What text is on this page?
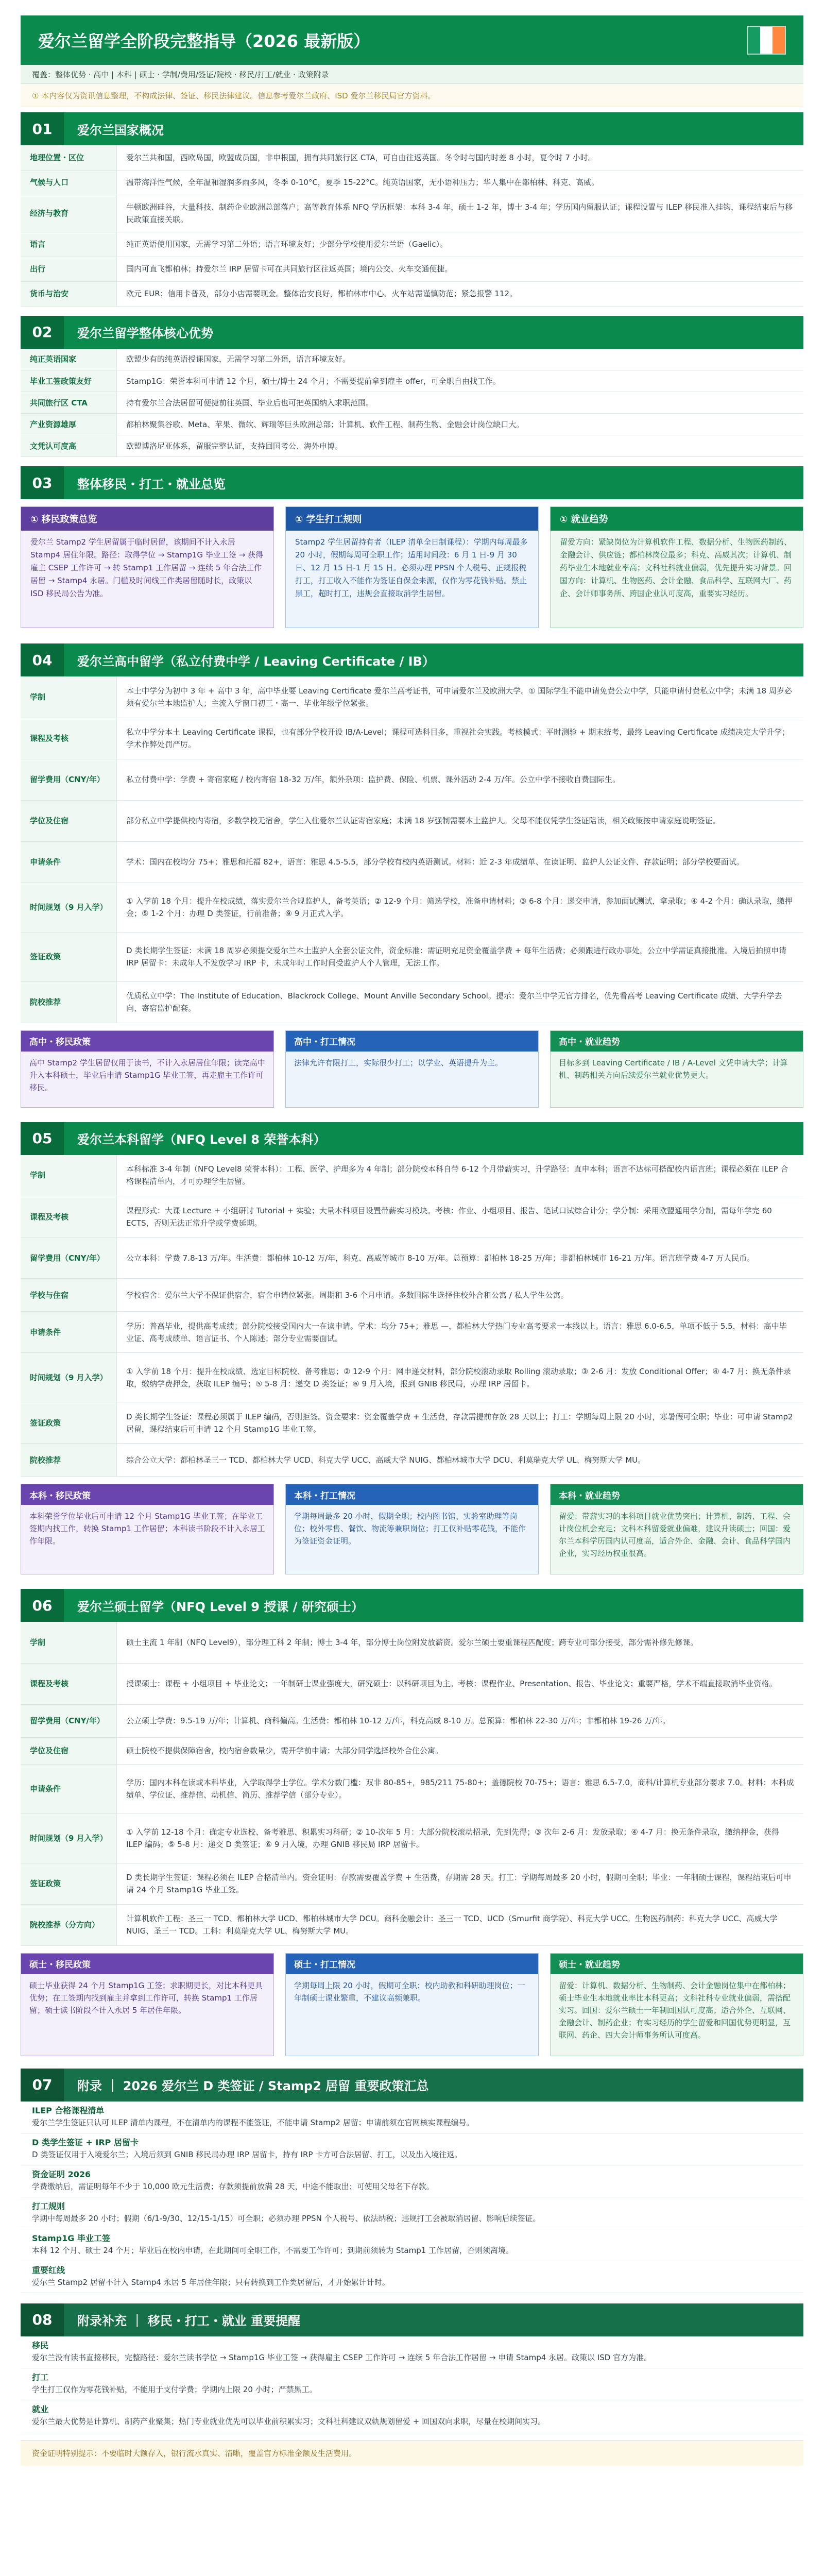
爱尔兰留学全阶段完整指导（2026 最新版）
覆盖：整体优势 · 高中 | 本科 | 硕士 · 学制/费用/签证/院校 · 移民/打工/就业 · 政策附录
① 本内容仅为资讯信息整理，不构成法律、签证、移民法律建议。信息参考爱尔兰政府、ISD 爱尔兰移民局官方资料。
01	爱尔兰国家概况
地理位置・区位	爱尔兰共和国，西欧岛国，欧盟成员国，非申根国，拥有共同旅行区 CTA，可自由往返英国。冬令时与国内时差 8 小时，夏令时 7 小时。
气候与人口	温带海洋性气候，全年温和湿润多雨多风，冬季 0-10°C，夏季 15-22°C。纯英语国家，无小语种压力；华人集中在都柏林、科克、高威。
经济与教育	牛顿欧洲硅谷，大量科技、制药企业欧洲总部落户；高等教育体系 NFQ 学历框架：本科 3-4 年，硕士 1-2 年，博士 3-4 年；学历国内留服认证；课程设置与 ILEP 移民准入挂钩，课程结束后与移民政策直接关联。
语言	纯正英语使用国家，无需学习第二外语；语言环境友好；少部分学校使用爱尔兰语（Gaelic）。
出行	国内可直飞都柏林；持爱尔兰 IRP 居留卡可在共同旅行区往返英国；境内公交、火车交通便捷。
货币与治安	欧元 EUR；信用卡普及，部分小店需要现金。整体治安良好，都柏林市中心、火车站需谨慎防范；紧急报警 112。
02	爱尔兰留学整体核心优势
纯正英语国家	欧盟少有的纯英语授课国家，无需学习第二外语，语言环境友好。
毕业工签政策友好	Stamp1G：荣誉本科可申请 12 个月，硕士/博士 24 个月；不需要提前拿到雇主 offer，可全职自由找工作。
共同旅行区 CTA	持有爱尔兰合法居留可便捷前往英国、毕业后也可把英国纳入求职范围。
产业资源雄厚	都柏林聚集谷歌、Meta、苹果、微软、辉瑞等巨头欧洲总部；计算机、软件工程、制药生物、金融会计岗位缺口大。
文凭认可度高	欧盟博洛尼亚体系，留服完整认证，支持回国考公、海外申博。
03	整体移民・打工・就业总览
① 移民政策总览
爱尔兰 Stamp2 学生居留属于临时居留，该期间不计入永居 Stamp4 居住年限。路径：取得学位 → Stamp1G 毕业工签 → 获得雇主 CSEP 工作许可 → 转 Stamp1 工作居留 → 连续 5 年合法工作居留 → Stamp4 永居。门槛及时间线工作类居留随时长，政策以 ISD 移民局公告为准。
① 学生打工规则
Stamp2 学生居留持有者（ILEP 清单全日制课程）：学期内每周最多 20 小时，假期每周可全职工作；适用时间段：6 月 1 日-9 月 30 日、12 月 15 日-1 月 15 日。必须办理 PPSN 个人税号、正规报税打工，打工收入不能作为签证自保金来源，仅作为零花钱补贴。禁止黑工，超时打工，违规会直接取消学生居留。
① 就业趋势
留爱方向：紧缺岗位为计算机软件工程、数据分析、生物医药制药、金融会计、供应链；都柏林岗位最多；科克、高威其次；计算机、制药毕业生本地就业率高；文科社科就业偏弱，优先提升实习背景。回国方向：计算机、生物医药、会计金融、食品科学、互联网大厂、药企、会计师事务所、跨国企业认可度高，重要实习经历。
04	爱尔兰高中留学（私立付费中学 / Leaving Certificate / IB）
学制	本土中学分为初中 3 年 + 高中 3 年，高中毕业要 Leaving Certificate 爱尔兰高考证书，可申请爱尔兰及欧洲大学。① 国际学生不能申请免费公立中学，只能申请付费私立中学；未满 18 周岁必须有爱尔兰本地监护人；主流入学窗口初三・高一、毕业年级学位紧张。
课程及考核	私立中学分本土 Leaving Certificate 课程，也有部分学校开设 IB/A-Level；课程可选科目多，重视社会实践。考核模式：平时测验 + 期末统考，最终 Leaving Certificate 成绩决定大学升学；学术作弊处罚严厉。
留学费用（CNY/年）	私立付费中学：学费 + 寄宿家庭 / 校内寄宿 18-32 万/年，额外杂项：监护费、保险、机票、课外活动 2-4 万/年。公立中学不接收自费国际生。
学位及住宿	部分私立中学提供校内寄宿，多数学校无宿舍，学生入住爱尔兰认证寄宿家庭；未满 18 岁强制需要本土监护人。父母不能仅凭学生签证陪读，相关政策按申请家庭说明签证。
申请条件	学术：国内在校均分 75+；雅思和托福 82+，语言：雅思 4.5-5.5，部分学校有校内英语测试。材料：近 2-3 年成绩单、在读证明、监护人公证文件、存款证明；部分学校要面试。
时间规划（9 月入学）	① 入学前 18 个月：提升在校成绩，落实爱尔兰合规监护人，备考英语；② 12-9 个月：筛选学校，准备申请材料；③ 6-8 个月：递交申请，参加面试测试，拿录取；④ 4-2 个月：确认录取，缴押金；⑤ 1-2 个月：办理 D 类签证，行前准备；⑨ 9 月正式入学。
签证政策	D 类长期学生签证：未满 18 周岁必须提交爱尔兰本土监护人全套公证文件，资金标准：需证明充足资金覆盖学费 + 每年生活费；必须跟进行政办事处，公立中学需证真接批准。入境后拍照申请 IRP 居留卡：未成年人不发放学习 IRP 卡，未成年时工作时间受监护人个人管理，无法工作。
院校推荐	优质私立中学：The Institute of Education、Blackrock College、Mount Anville Secondary School。提示：爱尔兰中学无官方排名，优先看高考 Leaving Certificate 成绩、大学升学去向、寄宿监护配套。
高中・移民政策
高中 Stamp2 学生居留仅用于读书，不计入永居居住年限；读完高中升入本科硕士，毕业后申请 Stamp1G 毕业工签，再走雇主工作许可移民。
高中・打工情况
法律允许有限打工，实际很少打工；以学业、英语提升为主。
高中・就业趋势
目标多到 Leaving Certificate / IB / A-Level 文凭申请大学；计算机、制药相关方向后续爱尔兰就业优势更大。
05	爱尔兰本科留学（NFQ Level 8 荣誉本科）
学制	本科标准 3-4 年制（NFQ Level8 荣誉本科）：工程、医学、护理多为 4 年制；部分院校本科自带 6-12 个月带薪实习，升学路径：直申本科；语言不达标可搭配校内语言班；课程必须在 ILEP 合格课程清单内，才可办理学生居留。
课程及考核	课程形式：大课 Lecture + 小组研讨 Tutorial + 实验；大量本科项目设置带薪实习模块。考核：作业、小组项目、报告、笔试口试综合计分；学分制：采用欧盟通用学分制，需每年学完 60 ECTS，否则无法正常升学或学费延期。
留学费用（CNY/年）	公立本科：学费 7.8-13 万/年。生活费：都柏林 10-12 万/年，科克、高威等城市 8-10 万/年。总预算：都柏林 18-25 万/年；非都柏林城市 16-21 万/年。语言班学费 4-7 万人民币。
学校与住宿	学校宿舍：爱尔兰大学不保证供宿舍，宿舍申请位紧张。周期租 3-6 个月申请。多数国际生选择住校外合租公寓 / 私人学生公寓。
申请条件	学历：普高毕业，提供高考成绩；部分院校接受国内大一在读申请。学术：均分 75+；雅思 —，都柏林大学热门专业高考要求一本线以上。语言：雅思 6.0-6.5，单项不低于 5.5，材料：高中毕业证、高考成绩单、语言证书、个人陈述；部分专业需要面试。
时间规划（9 月入学）	① 入学前 18 个月：提升在校成绩、选定目标院校、备考雅思；② 12-9 个月：网申递交材料，部分院校滚动录取 Rolling 滚动录取；③ 2-6 月：发放 Conditional Offer；④ 4-7 月：换无条件录取，缴纳学费押金，获取 ILEP 编号；⑤ 5-8 月：递交 D 类签证；⑥ 9 月入境，报到 GNIB 移民局，办理 IRP 居留卡。
签证政策	D 类长期学生签证：课程必须属于 ILEP 编码，否则拒签。资金要求：资金覆盖学费 + 生活费，存款需提前存放 28 天以上；打工：学期每周上限 20 小时，寒暑假可全职；毕业：可申请 Stamp2 居留，课程结束后可申请 12 个月 Stamp1G 毕业工签。
院校推荐	综合公立大学：都柏林圣三一 TCD、都柏林大学 UCD、科克大学 UCC、高威大学 NUIG、都柏林城市大学 DCU、利莫瑞克大学 UL、梅努斯大学 MU。
本科・移民政策
本科荣誉学位毕业后可申请 12 个月 Stamp1G 毕业工签；在毕业工签期内找工作，转换 Stamp1 工作居留；本科读书阶段不计入永居工作年限。
本科・打工情况
学期每周最多 20 小时，假期全职；校内图书馆、实验室助理等岗位；校外零售、餐饮、物流等兼职岗位；打工仅补贴零花钱，不能作为签证资金证明。
本科・就业趋势
留爱：带薪实习的本科项目就业优势突出；计算机、制药、工程、会计岗位机会充足；文科本科留爱就业偏难，建议升读硕士；回国：爱尔兰本科学历国内认可度高，适合外企、金融、会计、食品科学国内企业，实习经历权重很高。
06	爱尔兰硕士留学（NFQ Level 9 授课 / 研究硕士）
学制	硕士主流 1 年制（NFQ Level9），部分理工科 2 年制；博士 3-4 年，部分博士岗位附发放薪资。爱尔兰硕士要重课程匹配度；跨专业可部分接受，部分需补修先修课。
课程及考核	授课硕士：课程 + 小组项目 + 毕业论文；一年制研士课业强度大，研究硕士：以科研项目为主。考核：课程作业、Presentation、报告、毕业论文；重要严格，学术不端直接取消毕业资格。
留学费用（CNY/年）	公立硕士学费：9.5-19 万/年；计算机、商科偏高。生活费：都柏林 10-12 万/年，科克高威 8-10 万。总预算：都柏林 22-30 万/年；非都柏林 19-26 万/年。
学位及住宿	硕士院校不提供保障宿舍，校内宿舍数量少，需开学前申请；大部分同学选择校外合住公寓。
申请条件	学历：国内本科在读或本科毕业，入学取得学士学位。学术分数门槛：双非 80-85+，985/211 75-80+；盖德院校 70-75+；语言：雅思 6.5-7.0，商科/计算机专业部分要求 7.0。材料：本科成绩单、学位证、推荐信、动机信、简历、推荐学信（部分专业）。
时间规划（9 月入学）	① 入学前 12-18 个月：确定专业选校、备考雅思、积累实习科研；② 10-次年 5 月：大部分院校滚动招录，先到先得；③ 次年 2-6 月：发放录取；④ 4-7 月：换无条件录取，缴纳押金，获得 ILEP 编码；⑤ 5-8 月：递交 D 类签证；⑥ 9 月入境，办理 GNIB 移民局 IRP 居留卡。
签证政策	D 类长期学生签证：课程必须在 ILEP 合格清单内。资金证明：存款需要覆盖学费 + 生活费，存期需 28 天。打工：学期每周最多 20 小时，假期可全职；毕业：一年制硕士课程，课程结束后可申请 24 个月 Stamp1G 毕业工签。
院校推荐（分方向）	计算机软件工程：圣三一 TCD、都柏林大学 UCD、都柏林城市大学 DCU。商科金融会计：圣三一 TCD、UCD（Smurfit 商学院）、科克大学 UCC。生物医药制药：科克大学 UCC、高威大学 NUIG、圣三一 TCD。工科：利莫瑞克大学 UL、梅努斯大学 MU。
硕士・移民政策
硕士毕业获得 24 个月 Stamp1G 工签；求职期更长，对比本科更具优势；在工签期内找到雇主并拿到工作许可，转换 Stamp1 工作居留；硕士读书阶段不计入永居 5 年居住年限。
硕士・打工情况
学期每周上限 20 小时，假期可全职；校内助教和科研助理岗位；一年制硕士课业繁重，不建议高频兼职。
硕士・就业趋势
留爱：计算机、数据分析、生物制药、会计金融岗位集中在都柏林；硕士毕业生本地就业率比本科更高；文科社科专业就业偏弱，需搭配实习。回国：爱尔兰硕士一年制回国认可度高；适合外企、互联网、金融会计、制药企业；有实习经历的学生留爱和回国优势更明显，互联网、药企、四大会计师事务所认可度高。
07	附录 ｜ 2026 爱尔兰 D 类签证 / Stamp2 居留 重要政策汇总
ILEP 合格课程清单
爱尔兰学生签证只认可 ILEP 清单内课程，不在清单内的课程不能签证，不能申请 Stamp2 居留；申请前须在官网核实课程编号。
D 类学生签证 + IRP 居留卡
D 类签证仅用于入境爱尔兰；入境后须到 GNIB 移民局办理 IRP 居留卡，持有 IRP 卡方可合法居留、打工，以及出入境往返。
资金证明 2026
学费缴纳后，需证明每年不少于 10,000 欧元生活费；存款须提前放满 28 天，中途不能取出；可使用父母名下存款。
打工规则
学期中每周最多 20 小时；假期（6/1-9/30、12/15-1/15）可全职；必须办理 PPSN 个人税号、依法纳税；违规打工会被取消居留、影响后续签证。
Stamp1G 毕业工签
本科 12 个月、硕士 24 个月；毕业后在校内申请，在此期间可全职工作，不需要工作许可；到期前须转为 Stamp1 工作居留，否则须离境。
重要红线
爱尔兰 Stamp2 居留不计入 Stamp4 永居 5 年居住年限；只有转换到工作类居留后，才开始累计计时。
08	附录补充 ｜ 移民・打工・就业 重要提醒
移民
爱尔兰没有读书直接移民，完整路径：爱尔兰读书学位 → Stamp1G 毕业工签 → 获得雇主 CSEP 工作许可 → 连续 5 年合法工作居留 → 申请 Stamp4 永居。政策以 ISD 官方为准。
打工
学生打工仅作为零花钱补贴，不能用于支付学费；学期内上限 20 小时；严禁黑工。
就业
爱尔兰最大优势是计算机、制药产业聚集；热门专业就业优先可以毕业前积累实习；文科社科建议双轨规划留爱 + 回国双向求职，尽量在校期间实习。
资金证明特别提示：不要临时大额存入，银行流水真实、清晰，覆盖官方标准金额及生活费用。
